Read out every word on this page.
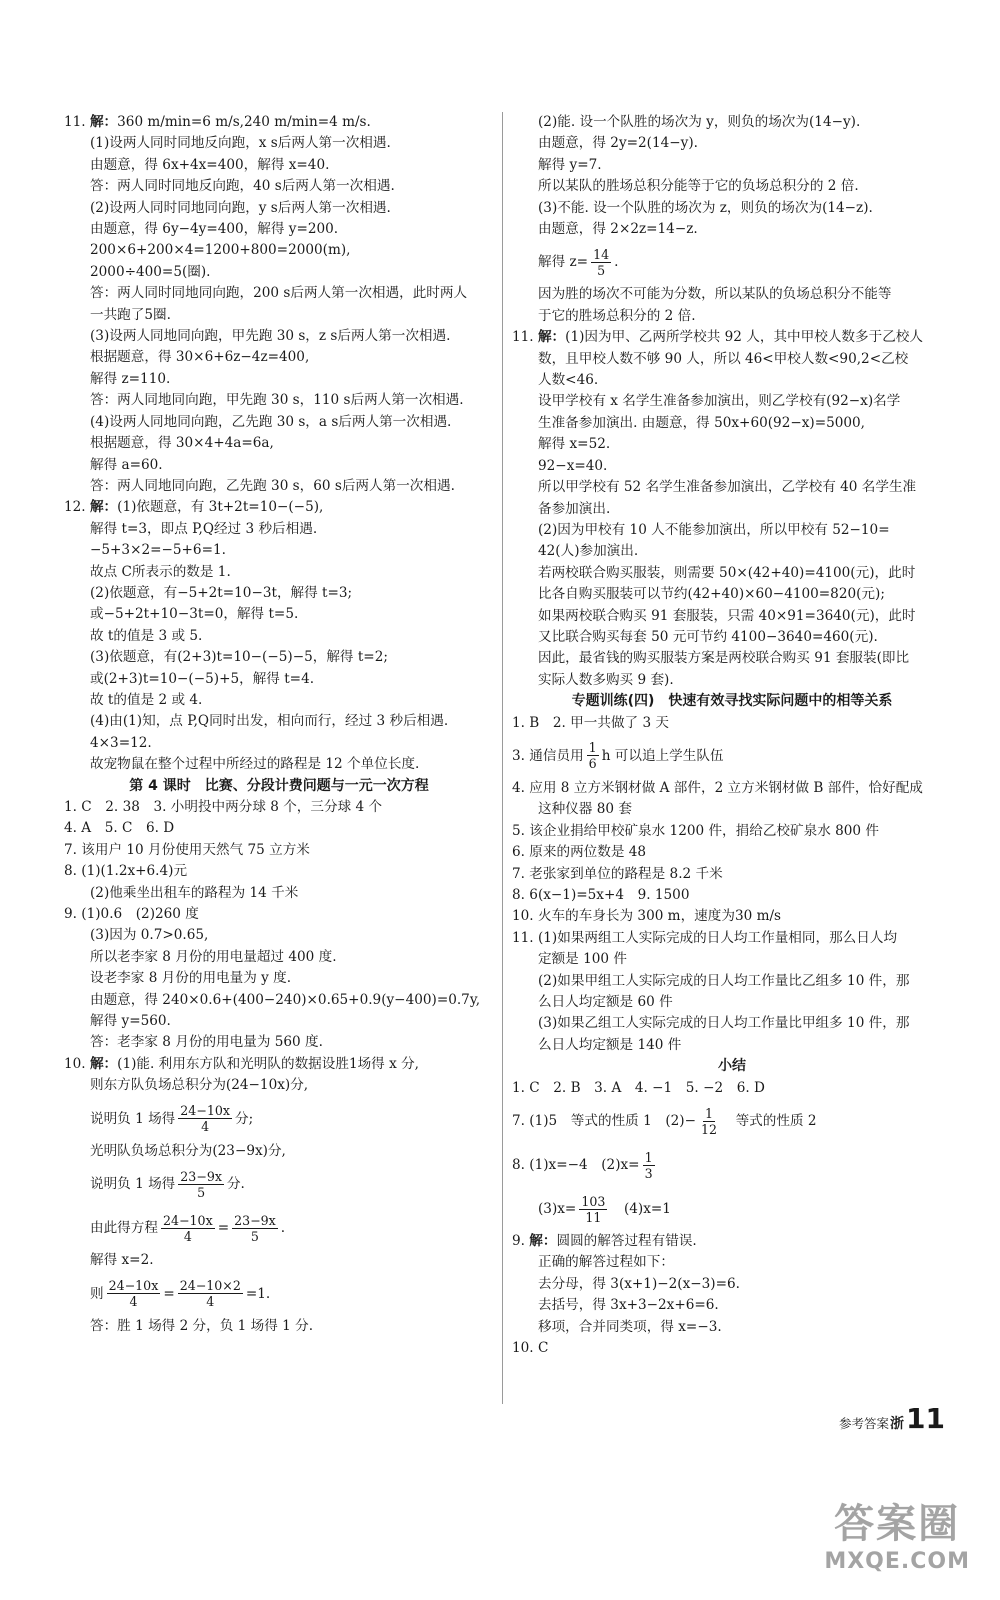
11. 解：360 m/min=6 m/s,240 m/min=4 m/s.
(1)设两人同时同地反向跑，x s后两人第一次相遇.
由题意，得 6x+4x=400，解得 x=40.
答：两人同时同地反向跑，40 s后两人第一次相遇.
(2)设两人同时同地同向跑，y s后两人第一次相遇.
由题意，得 6y−4y=400，解得 y=200.
200×6+200×4=1200+800=2000(m),
2000÷400=5(圈).
答：两人同时同地同向跑，200 s后两人第一次相遇，此时两人
一共跑了5圈.
(3)设两人同地同向跑，甲先跑 30 s，z s后两人第一次相遇.
根据题意，得 30×6+6z−4z=400,
解得 z=110.
答：两人同地同向跑，甲先跑 30 s，110 s后两人第一次相遇.
(4)设两人同地同向跑，乙先跑 30 s，a s后两人第一次相遇.
根据题意，得 30×4+4a=6a,
解得 a=60.
答：两人同地同向跑，乙先跑 30 s，60 s后两人第一次相遇.
12. 解：(1)依题意，有 3t+2t=10−(−5),
解得 t=3，即点 P,Q经过 3 秒后相遇.
−5+3×2=−5+6=1.
故点 C所表示的数是 1.
(2)依题意，有−5+2t=10−3t，解得 t=3;
或−5+2t+10−3t=0，解得 t=5.
故 t的值是 3 或 5.
(3)依题意，有(2+3)t=10−(−5)−5，解得 t=2;
或(2+3)t=10−(−5)+5，解得 t=4.
故 t的值是 2 或 4.
(4)由(1)知，点 P,Q同时出发，相向而行，经过 3 秒后相遇.
4×3=12.
故宠物鼠在整个过程中所经过的路程是 12 个单位长度.
第 4 课时　比赛、分段计费问题与一元一次方程
1. C　2. 38　3. 小明投中两分球 8 个，三分球 4 个
4. A　5. C　6. D
7. 该用户 10 月份使用天然气 75 立方米
8. (1)(1.2x+6.4)元
(2)他乘坐出租车的路程为 14 千米
9. (1)0.6　(2)260 度
(3)因为 0.7>0.65,
所以老李家 8 月份的用电量超过 400 度.
设老李家 8 月份的用电量为 y 度.
由题意，得 240×0.6+(400−240)×0.65+0.9(y−400)=0.7y,
解得 y=560.
答：老李家 8 月份的用电量为 560 度.
10. 解：(1)能. 利用东方队和光明队的数据设胜1场得 x 分,
则东方队负场总积分为(24−10x)分,
说明负 1 场得 $\frac{24-10x}{4}$ 分;
光明队负场总积分为(23−9x)分,
说明负 1 场得 $\frac{23-9x}{5}$ 分.
由此得方程 $\frac{24-10x}{4} = \frac{23-9x}{5}$ .
解得 x=2.
则 $\frac{24-10x}{4} = \frac{24-10\times 2}{4} =1$.
答：胜 1 场得 2 分，负 1 场得 1 分.
(2)能. 设一个队胜的场次为 y，则负的场次为(14−y).
由题意，得 2y=2(14−y).
解得 y=7.
所以某队的胜场总积分能等于它的负场总积分的 2 倍.
(3)不能. 设一个队胜的场次为 z，则负的场次为(14−z).
由题意，得 2×2z=14−z.
解得 $z= \frac{14}{5}$ .
因为胜的场次不可能为分数，所以某队的负场总积分不能等
于它的胜场总积分的 2 倍.
11. 解：(1)因为甲、乙两所学校共 92 人，其中甲校人数多于乙校人
数，且甲校人数不够 90 人，所以 46<甲校人数<90,2<乙校
人数<46.
设甲学校有 x 名学生准备参加演出，则乙学校有(92−x)名学
生准备参加演出. 由题意，得 50x+60(92−x)=5000,
解得 x=52.
92−x=40.
所以甲学校有 52 名学生准备参加演出，乙学校有 40 名学生准
备参加演出.
(2)因为甲校有 10 人不能参加演出，所以甲校有 52−10=
42(人)参加演出.
若两校联合购买服装，则需要 50×(42+40)=4100(元)，此时
比各自购买服装可以节约(42+40)×60−4100=820(元);
如果两校联合购买 91 套服装，只需 40×91=3640(元)，此时
又比联合购买每套 50 元可节约 4100−3640=460(元).
因此，最省钱的购买服装方案是两校联合购买 91 套服装(即比
实际人数多购买 9 套).
专题训练(四)　快速有效寻找实际问题中的相等关系
1. B　2. 甲一共做了 3 天
3. 通信员用 $\frac{1}{6}$ h 可以追上学生队伍
4. 应用 8 立方米钢材做 A 部件，2 立方米钢材做 B 部件，恰好配成
这种仪器 80 套
5. 该企业捐给甲校矿泉水 1200 件，捐给乙校矿泉水 800 件
6. 原来的两位数是 48
7. 老张家到单位的路程是 8.2 千米
8. 6(x−1)=5x+4　9. 1500
10. 火车的车身长为 300 m，速度为30 m/s
11. (1)如果两组工人实际完成的日人均工作量相同，那么日人均
定额是 100 件
(2)如果甲组工人实际完成的日人均工作量比乙组多 10 件，那
么日人均定额是 60 件
(3)如果乙组工人实际完成的日人均工作量比甲组多 10 件，那
么日人均定额是 140 件
小结
1. C　2. B　3. A　4. −1　5. −2　6. D
7. (1)5　等式的性质 1　$(2)- \frac{1}{12}$ 　等式的性质 2
8. (1)x=−4　$(2)x= \frac{1}{3}$
$(3)x= \frac{103}{11}$ 　(4)x=1
9. 解：圆圆的解答过程有错误.
正确的解答过程如下：
去分母，得 3(x+1)−2(x−3)=6.
去括号，得 3x+3−2x+6=6.
移项，合并同类项，得 x=−3.
10. C
参考答案 浙11
答案圈
MXQE.COM
